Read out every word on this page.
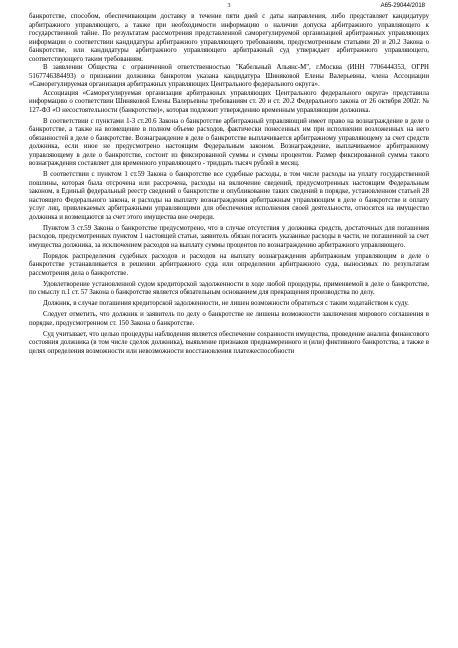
3	А65-29044/2018

банкротстве, способом, обеспечивающим доставку в течение пяти дней с даты направления, либо представляет кандидатуру арбитражного управляющего, а также при необходимости информацию о наличии допуска арбитражного управляющего к государственной тайне. По результатам рассмотрения представленной саморегулируемой организацией арбитражных управляющих информации о соответствии кандидатуры арбитражного управляющего требованиям, предусмотренным статьями 20 и 20.2 Закона о банкротстве, или кандидатуры арбитражного управляющего арбитражный суд утверждает арбитражного управляющего, соответствующего таким требованиям.

В заявлении Общества с ограниченной ответственностью "Кабельный Альянс-М", г.Москва (ИНН 7706444353, ОГРН 5167746384493) о признании должника банкротом указана кандидатура Шиняковой Елены Валерьевны, члена Ассоциации «Саморегулируемая организация арбитражных управляющих Центрального федерального округа».

Ассоциация «Саморегулируемая организация арбитражных управляющих Центрального федерального округа» представила информацию о соответствии Шиняковой Елены Валерьевны требованиям ст. 20 и ст. 20.2 Федерального закона от 26 октября 2002г. № 127-ФЗ «О несостоятельности (банкротстве)», которая подлежит утверждению временным управляющим должника.

В соответствии с пунктами 1-3 ст.20.6 Закона о банкротстве арбитражный управляющий имеет право на вознаграждение в деле о банкротстве, а также на возмещение в полном объеме расходов, фактически понесенных им при исполнении возложенных на него обязанностей в деле о банкротстве. Вознаграждение в деле о банкротстве выплачивается арбитражному управляющему за счет средств должника, если иное не предусмотрено настоящим Федеральным законом. Вознаграждение, выплачиваемое арбитражному управляющему в деле о банкротстве, состоит из фиксированной суммы и суммы процентов. Размер фиксированной суммы такого вознаграждения составляет для временного управляющего - тридцать тысяч рублей в месяц.

В соответствии с пунктом 1 ст.59 Закона о банкротстве все судебные расходы, в том числе расходы на уплату государственной пошлины, которая была отсрочена или рассрочена, расходы на включение сведений, предусмотренных настоящим Федеральным законом, в Единый федеральный реестр сведений о банкротстве и опубликование таких сведений в порядке, установленном статьей 28 настоящего Федерального закона, и расходы на выплату вознаграждения арбитражным управляющим в деле о банкротстве и оплату услуг лиц, привлекаемых арбитражными управляющими для обеспечения исполнения своей деятельности, относятся на имущество должника и возмещаются за счет этого имущества вне очереди.

Пунктом 3 ст.59 Закона о банкротстве предусмотрено, что в случае отсутствия у должника средств, достаточных для погашения расходов, предусмотренных пунктом 1 настоящей статьи, заявитель обязан погасить указанные расходы в части, не погашенной за счет имущества должника, за исключением расходов на выплату суммы процентов по вознаграждению арбитражного управляющего.

Порядок распределения судебных расходов и расходов на выплату вознаграждения арбитражным управляющим в деле о банкротстве устанавливается в решении арбитражного суда или определении арбитражного суда, выносимых по результатам рассмотрения дела о банкротстве.

Удовлетворение установленной судом кредиторской задолженности в ходе любой процедуры, применяемой в деле о банкротстве, по смыслу п.1 ст. 57 Закона о банкротстве является обязательным основанием для прекращения производства по делу.

Должник, в случае погашения кредиторской задолженности, не лишен возможности обратиться с таким ходатайством к суду.

Следует отметить, что должник и заявитель по делу о банкротстве не лишены возможности заключения мирового соглашения в порядке, предусмотренном ст. 150 Закона о банкротстве.

Суд учитывает, что целью процедуры наблюдения является обеспечение сохранности имущества, проведение анализа финансового состояния должника (в том числе сделок должника), выявление признаков преднамеренного и (или) фиктивного банкротства, а также в целях определения возможности или невозможности восстановления платежеспособности
